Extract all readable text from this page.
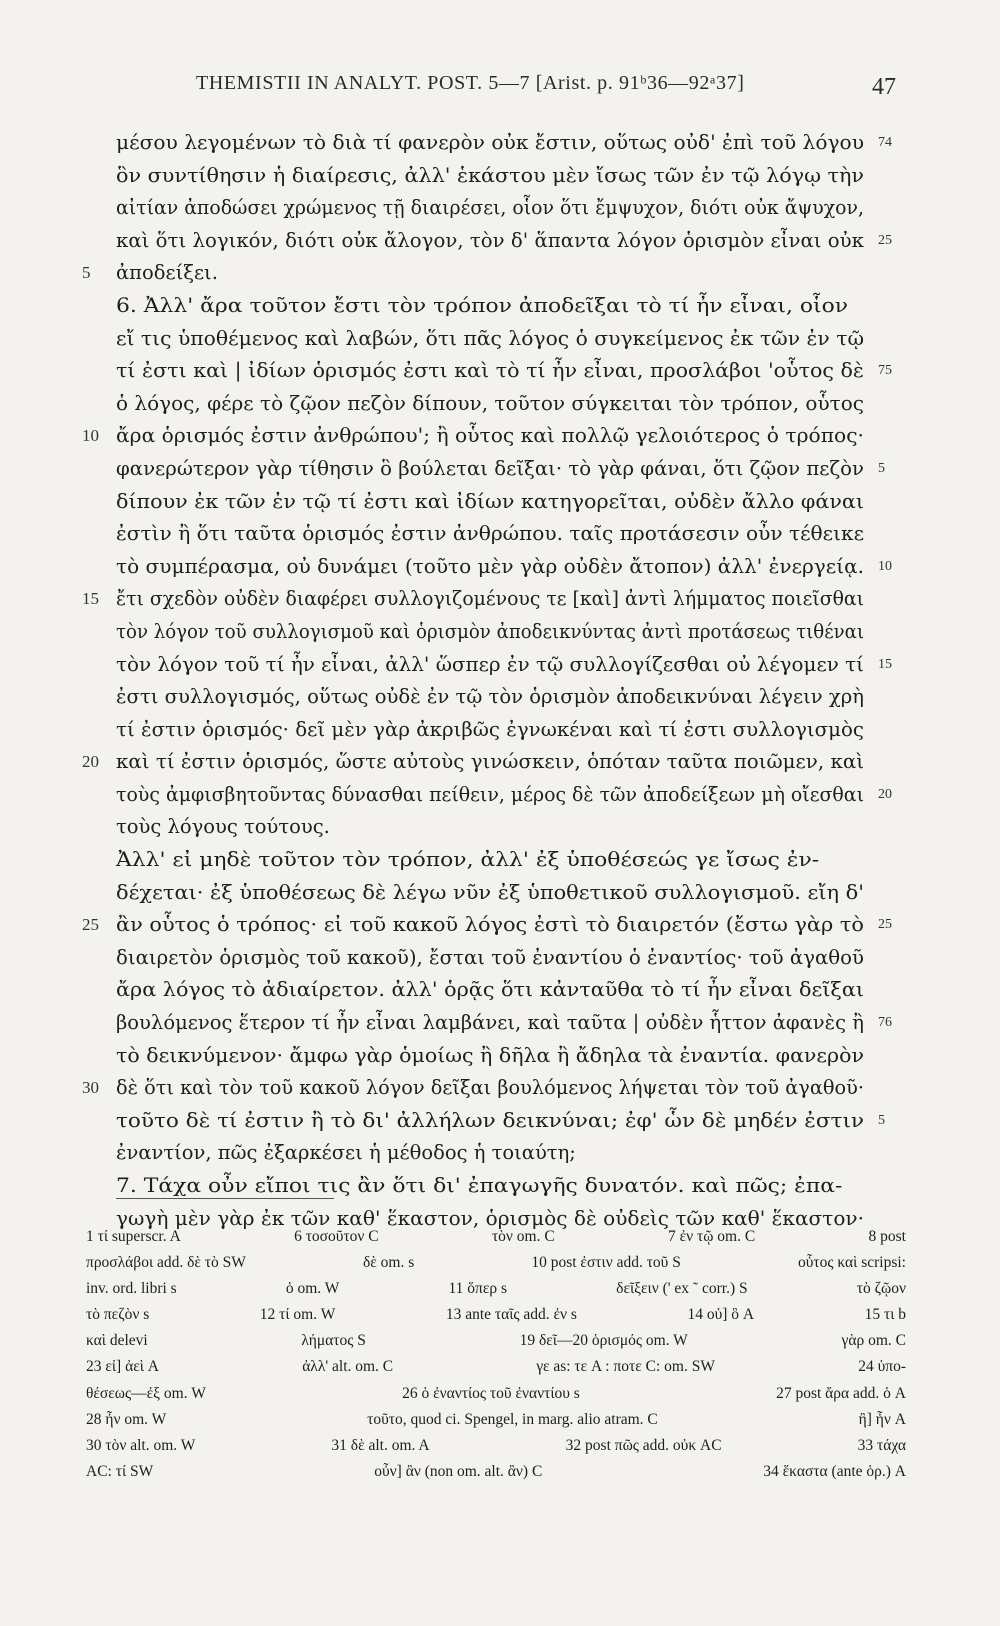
THEMISTII IN ANALYT. POST. 5—7 [Arist. p. 91ᵇ36—92ᵃ37]	47
μέσου λεγομένων τὸ διὰ τί φανερὸν οὐκ ἔστιν, οὕτως οὐδ' ἐπὶ τοῦ λόγου 74
ὃν συντίθησιν ἡ διαίρεσις, ἀλλ' ἑκάστου μὲν ἴσως τῶν ἐν τῷ λόγῳ τὴν
αἰτίαν ἀποδώσει χρώμενος τῇ διαιρέσει, οἷον ὅτι ἔμψυχον, διότι οὐκ ἄψυχον,
καὶ ὅτι λογικόν, διότι οὐκ ἄλογον, τὸν δ' ἅπαντα λόγον ὁρισμὸν εἶναι οὐκ 25
5 ἀποδείξει.
6. Ἀλλ' ἄρα τοῦτον ἔστι τὸν τρόπον ἀποδεῖξαι τὸ τί ἦν εἶναι, οἷον
εἴ τις ὑποθέμενος καὶ λαβών, ὅτι πᾶς λόγος ὁ συγκείμενος ἐκ τῶν ἐν τῷ
τί ἐστι καὶ | ἰδίων ὁρισμός ἐστι καὶ τὸ τί ἦν εἶναι, προσλάβοι 'οὗτος δὲ 75
ὁ λόγος, φέρε τὸ ζῷον πεζὸν δίπουν, τοῦτον σύγκειται τὸν τρόπον, οὗτος
10 ἄρα ὁρισμός ἐστιν ἀνθρώπου'; ἢ οὗτος καὶ πολλῷ γελοιότερος ὁ τρόπος·
φανερώτερον γὰρ τίθησιν ὃ βούλεται δεῖξαι· τὸ γὰρ φάναι, ὅτι ζῷον πεζὸν 5
δίπουν ἐκ τῶν ἐν τῷ τί ἐστι καὶ ἰδίων κατηγορεῖται, οὐδὲν ἄλλο φάναι
ἐστὶν ἢ ὅτι ταῦτα ὁρισμός ἐστιν ἀνθρώπου. ταῖς προτάσεσιν οὖν τέθεικε
τὸ συμπέρασμα, οὐ δυνάμει (τοῦτο μὲν γὰρ οὐδὲν ἄτοπον) ἀλλ' ἐνεργείᾳ. 10
15 ἔτι σχεδὸν οὐδὲν διαφέρει συλλογιζομένους τε [καὶ] ἀντὶ λήμματος ποιεῖσθαι
τὸν λόγον τοῦ συλλογισμοῦ καὶ ὁρισμὸν ἀποδεικνύντας ἀντὶ προτάσεως τιθέναι
τὸν λόγον τοῦ τί ἦν εἶναι, ἀλλ' ὥσπερ ἐν τῷ συλλογίζεσθαι οὐ λέγομεν τί 15
ἐστι συλλογισμός, οὕτως οὐδὲ ἐν τῷ τὸν ὁρισμὸν ἀποδεικνύναι λέγειν χρὴ
τί ἐστιν ὁρισμός· δεῖ μὲν γὰρ ἀκριβῶς ἐγνωκέναι καὶ τί ἐστι συλλογισμὸς
20 καὶ τί ἐστιν ὁρισμός, ὥστε αὐτοὺς γινώσκειν, ὁπόταν ταῦτα ποιῶμεν, καὶ
τοὺς ἀμφισβητοῦντας δύνασθαι πείθειν, μέρος δὲ τῶν ἀποδείξεων μὴ οἴεσθαι 20
τοὺς λόγους τούτους.
Ἀλλ' εἰ μηδὲ τοῦτον τὸν τρόπον, ἀλλ' ἐξ ὑποθέσεώς γε ἴσως ἐν-
δέχεται· ἐξ ὑποθέσεως δὲ λέγω νῦν ἐξ ὑποθετικοῦ συλλογισμοῦ. εἴη δ'
25 ἂν οὗτος ὁ τρόπος· εἰ τοῦ κακοῦ λόγος ἐστὶ τὸ διαιρετόν (ἔστω γὰρ τὸ 25
διαιρετὸν ὁρισμὸς τοῦ κακοῦ), ἔσται τοῦ ἐναντίου ὁ ἐναντίος· τοῦ ἀγαθοῦ
ἄρα λόγος τὸ ἀδιαίρετον. ἀλλ' ὁρᾷς ὅτι κἀνταῦθα τὸ τί ἦν εἶναι δεῖξαι
βουλόμενος ἕτερον τί ἦν εἶναι λαμβάνει, καὶ ταῦτα | οὐδὲν ἧττον ἀφανὲς ἢ 76
τὸ δεικνύμενον· ἄμφω γὰρ ὁμοίως ἢ δῆλα ἢ ἄδηλα τὰ ἐναντία. φανερὸν
30 δὲ ὅτι καὶ τὸν τοῦ κακοῦ λόγον δεῖξαι βουλόμενος λήψεται τὸν τοῦ ἀγαθοῦ·
τοῦτο δὲ τί ἐστιν ἢ τὸ δι' ἀλλήλων δεικνύναι; ἐφ' ὧν δὲ μηδέν ἐστιν 5
ἐναντίον, πῶς ἐξαρκέσει ἡ μέθοδος ἡ τοιαύτη;
7. Τάχα οὖν εἴποι τις ἂν ὅτι δι' ἐπαγωγῆς δυνατόν. καὶ πῶς; ἐπα-
γωγὴ μὲν γὰρ ἐκ τῶν καθ' ἕκαστον, ὁρισμὸς δὲ οὐδεὶς τῶν καθ' ἕκαστον·
1 τί superscr. A	6 τοσοῦτον C	τὸν om. C	7 ἐν τῷ om. C	8 post
προσλάβοι add. δὲ τὸ SW	δὲ om. s	10 post ἐστιν add. τοῦ S	οὗτος καὶ scripsi:
inv. ord. libri s	ὁ om. W	11 ὅπερ s	δεῖξειν (' ex ˜ corr.) S	τὸ ζῷον
τὸ πεζὸν s	12 τί om. W	13 ante ταῖς add. ἐν s	14 οὐ] ὃ A	15 τι b
καὶ delevi	λήματος S	19 δεῖ—20 ὁρισμός om. W	γὰρ om. C
23 εἰ] ἀεὶ A	ἀλλ' alt. om. C	γε as: τε A : ποτε C: om. SW	24 ὑπο-
θέσεως—ἐξ om. W	26 ὁ ἐναντίος τοῦ ἐναντίου s	27 post ἄρα add. ὁ A
28 ἦν om. W	τοῦτο, quod ci. Spengel, in marg. alio atram. C	ἢ] ἦν A
30 τὸν alt. om. W	31 δὲ alt. om. A	32 post πῶς add. οὐκ AC	33 τάχα
AC: τί SW	οὖν] ἂν (non om. alt. ἂν) C	34 ἕκαστα (ante ὁρ.) A
